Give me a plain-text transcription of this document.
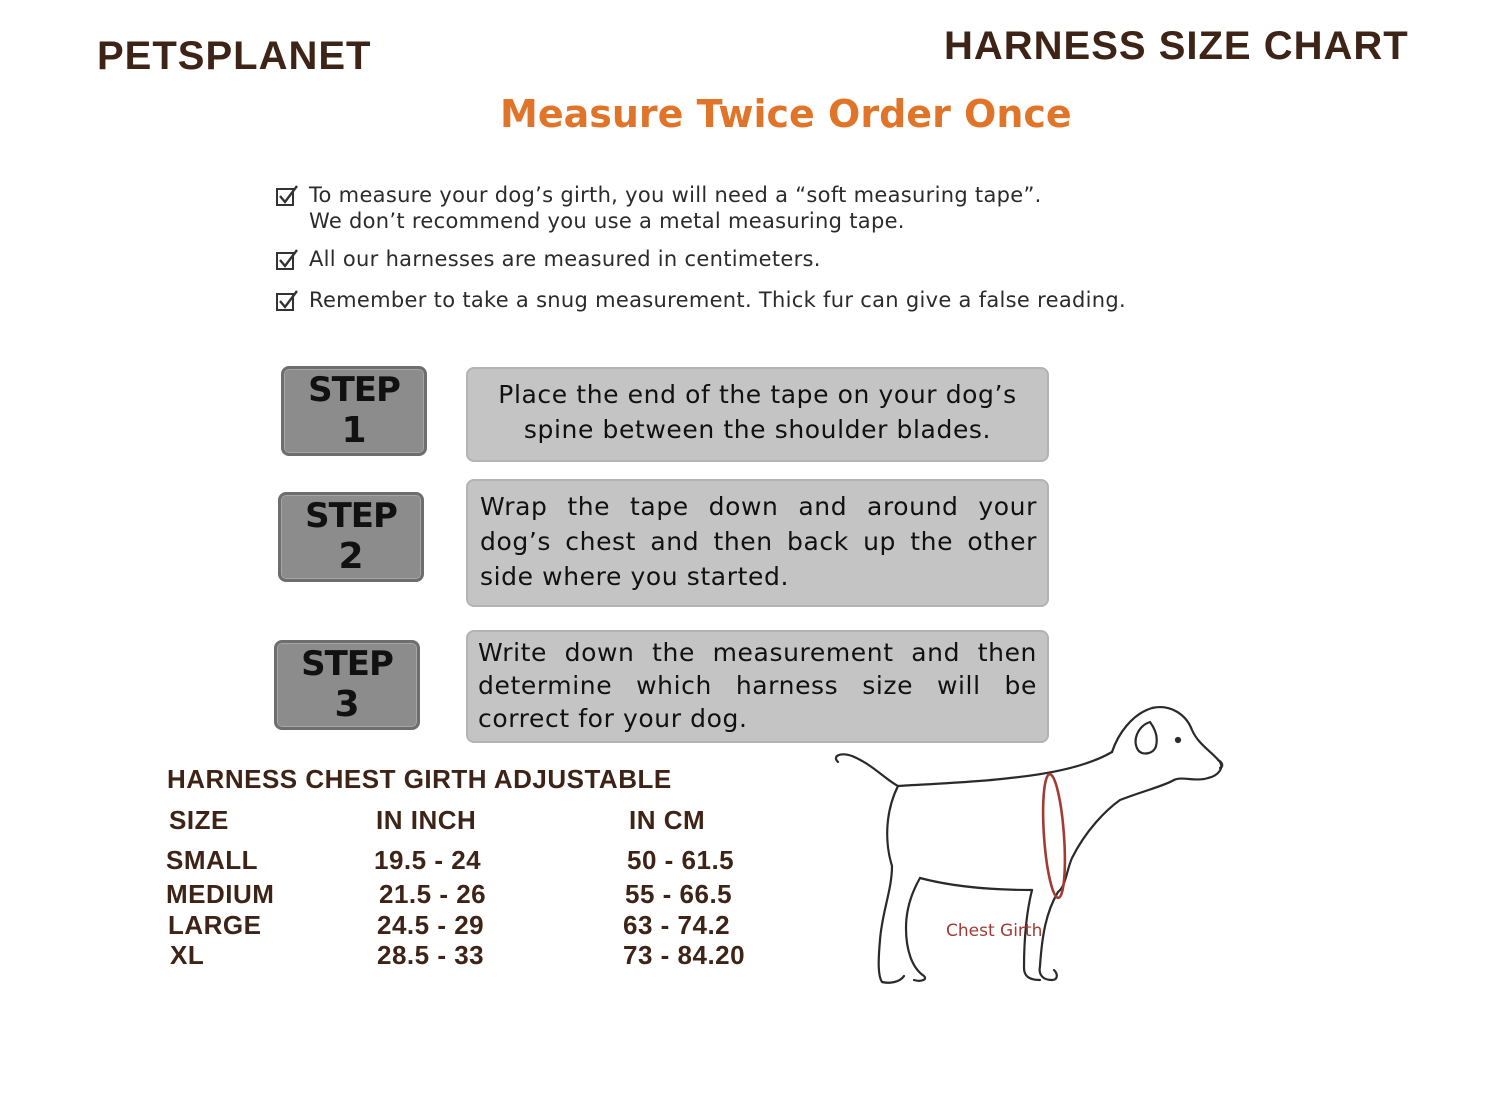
PETSPLANET	HARNESS SIZE CHART
Measure Twice Order Once
To measure your dog’s girth, you will need a “soft measuring tape”.
We don’t recommend you use a metal measuring tape.
All our harnesses are measured in centimeters.
Remember to take a snug measurement. Thick fur can give a false reading.
STEP
1
Place the end of the tape on your dog’s spine between the shoulder blades.
STEP
2
Wrap the tape down and around your dog’s chest and then back up the other side where you started.
STEP
3
Write down the measurement and then determine which harness size will be correct for your dog.
HARNESS CHEST GIRTH ADJUSTABLE
SIZE	IN INCH	IN CM
SMALL	19.5 - 24	50 - 61.5
MEDIUM	21.5 - 26	55 - 66.5
LARGE	24.5 - 29	63 - 74.2
XL	28.5 - 33	73 - 84.20
Chest Girth
